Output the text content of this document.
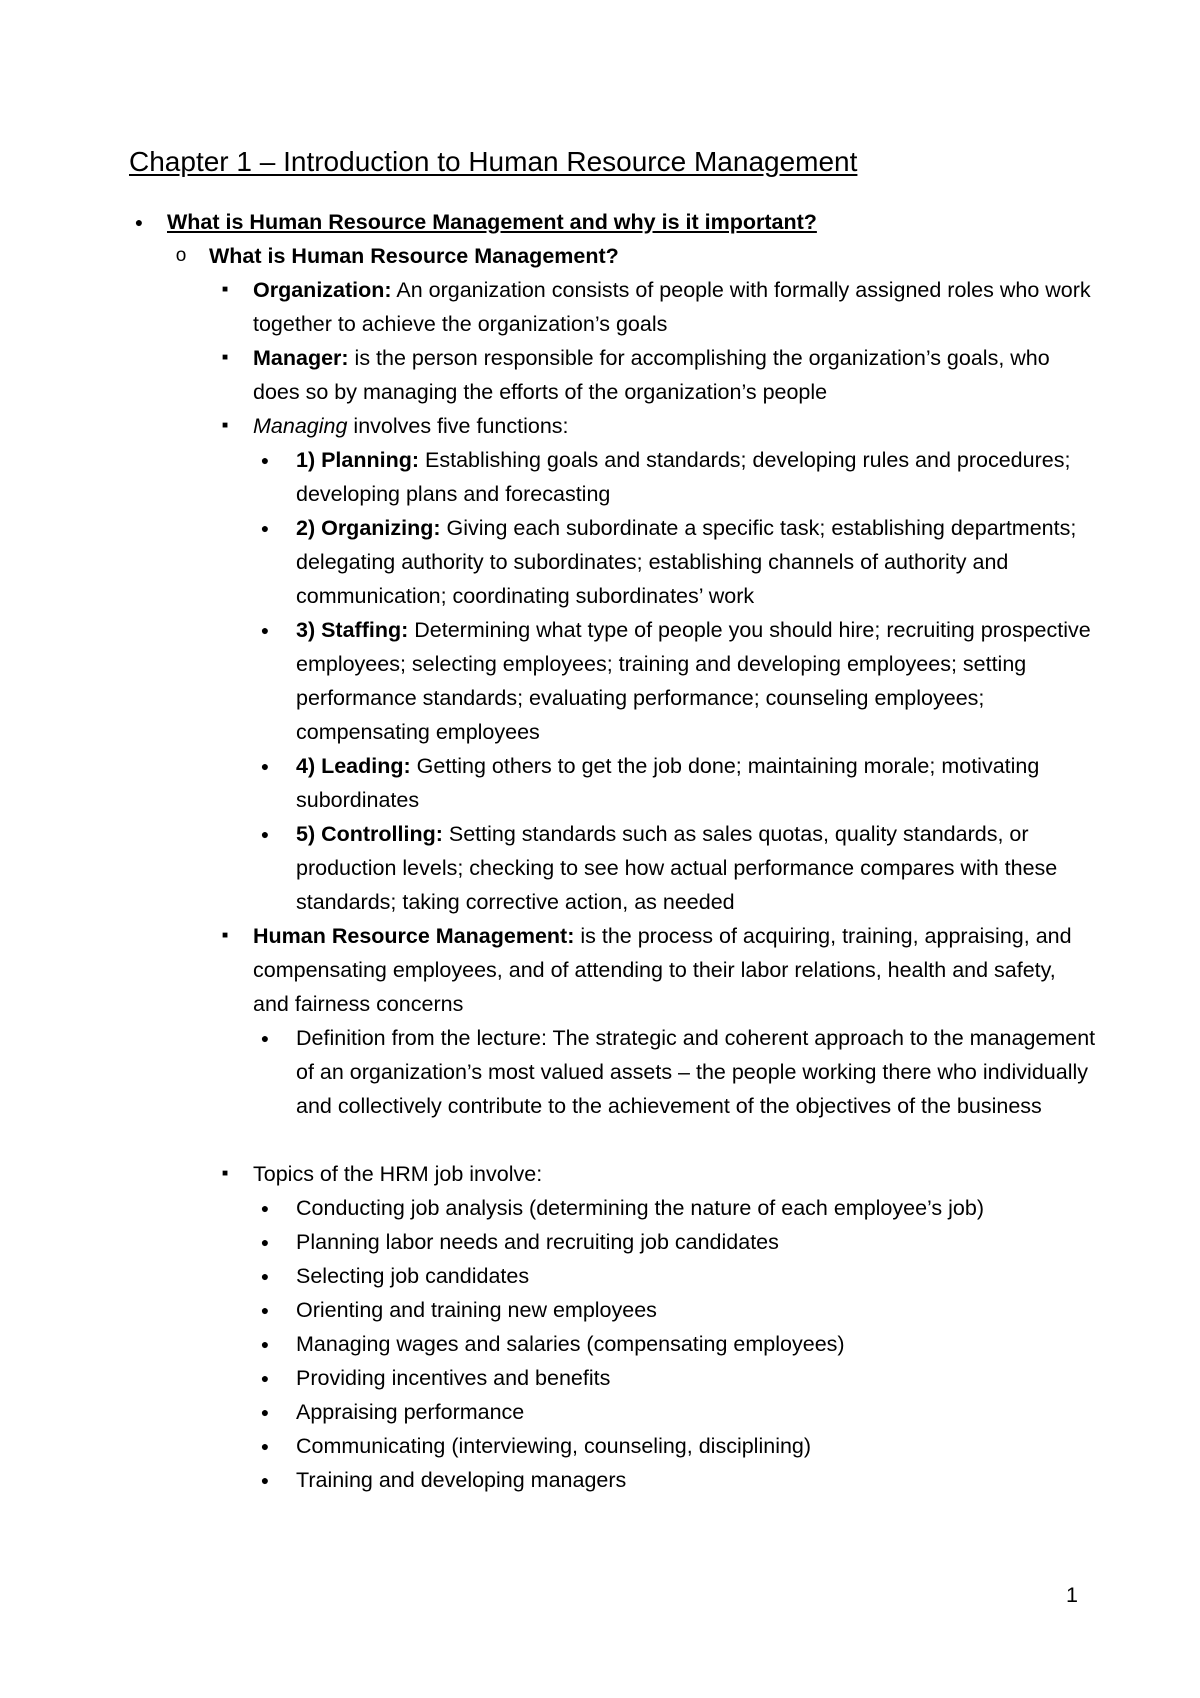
Chapter 1 – Introduction to Human Resource Management
●	What is Human Resource Management and why is it important?
o	What is Human Resource Management?
■	Organization: An organization consists of people with formally assigned roles who work together to achieve the organization’s goals
■	Manager: is the person responsible for accomplishing the organization’s goals, who does so by managing the efforts of the organization’s people
■	Managing involves five functions:
●	1) Planning: Establishing goals and standards; developing rules and procedures; developing plans and forecasting
●	2) Organizing: Giving each subordinate a specific task; establishing departments; delegating authority to subordinates; establishing channels of authority and communication; coordinating subordinates’ work
●	3) Staffing: Determining what type of people you should hire; recruiting prospective employees; selecting employees; training and developing employees; setting performance standards; evaluating performance; counseling employees; compensating employees
●	4) Leading: Getting others to get the job done; maintaining morale; motivating subordinates
●	5) Controlling: Setting standards such as sales quotas, quality standards, or production levels; checking to see how actual performance compares with these standards; taking corrective action, as needed
■	Human Resource Management: is the process of acquiring, training, appraising, and compensating employees, and of attending to their labor relations, health and safety, and fairness concerns
●	Definition from the lecture: The strategic and coherent approach to the management of an organization’s most valued assets – the people working there who individually and collectively contribute to the achievement of the objectives of the business
■	Topics of the HRM job involve:
●	Conducting job analysis (determining the nature of each employee’s job)
●	Planning labor needs and recruiting job candidates
●	Selecting job candidates
●	Orienting and training new employees
●	Managing wages and salaries (compensating employees)
●	Providing incentives and benefits
●	Appraising performance
●	Communicating (interviewing, counseling, disciplining)
●	Training and developing managers
1
